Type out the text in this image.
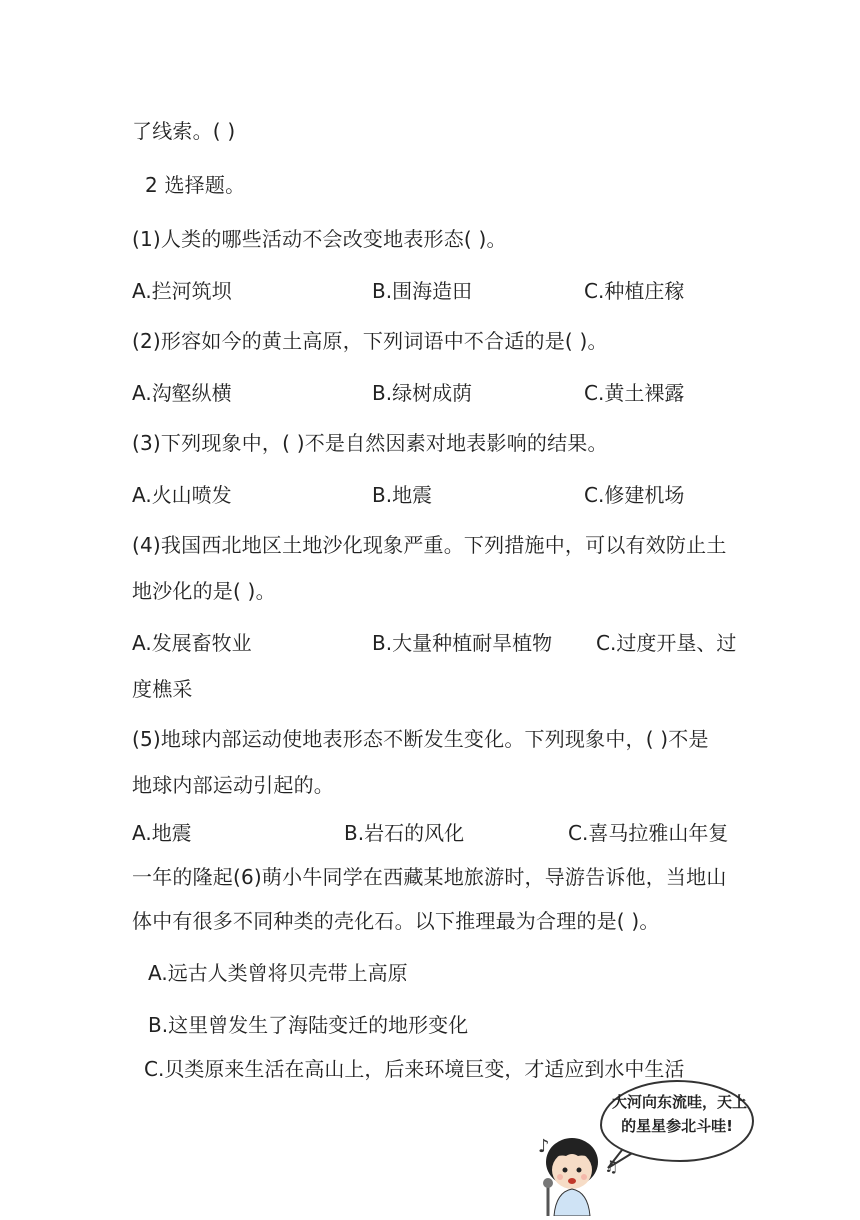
了线索。( )
2 选择题。
(1)人类的哪些活动不会改变地表形态( )。
A.拦河筑坝	B.围海造田	C.种植庄稼
(2)形容如今的黄土高原，下列词语中不合适的是( )。
A.沟壑纵横	B.绿树成荫	C.黄土裸露
(3)下列现象中，( )不是自然因素对地表影响的结果。
A.火山喷发	B.地震	C.修建机场
(4)我国西北地区土地沙化现象严重。下列措施中，可以有效防止土
地沙化的是( )。
A.发展畜牧业	B.大量种植耐旱植物 C.过度开垦、过
度樵采
(5)地球内部运动使地表形态不断发生变化。下列现象中，( )不是
地球内部运动引起的。
A.地震	B.岩石的风化	C.喜马拉雅山年复
一年的隆起(6)萌小牛同学在西藏某地旅游时，导游告诉他，当地山
体中有很多不同种类的壳化石。以下推理最为合理的是( )。
A.远古人类曾将贝壳带上高原
B.这里曾发生了海陆变迁的地形变化
C.贝类原来生活在高山上，后来环境巨变，才适应到水中生活
♪
♫
大河向东流哇，天上
的星星参北斗哇!
